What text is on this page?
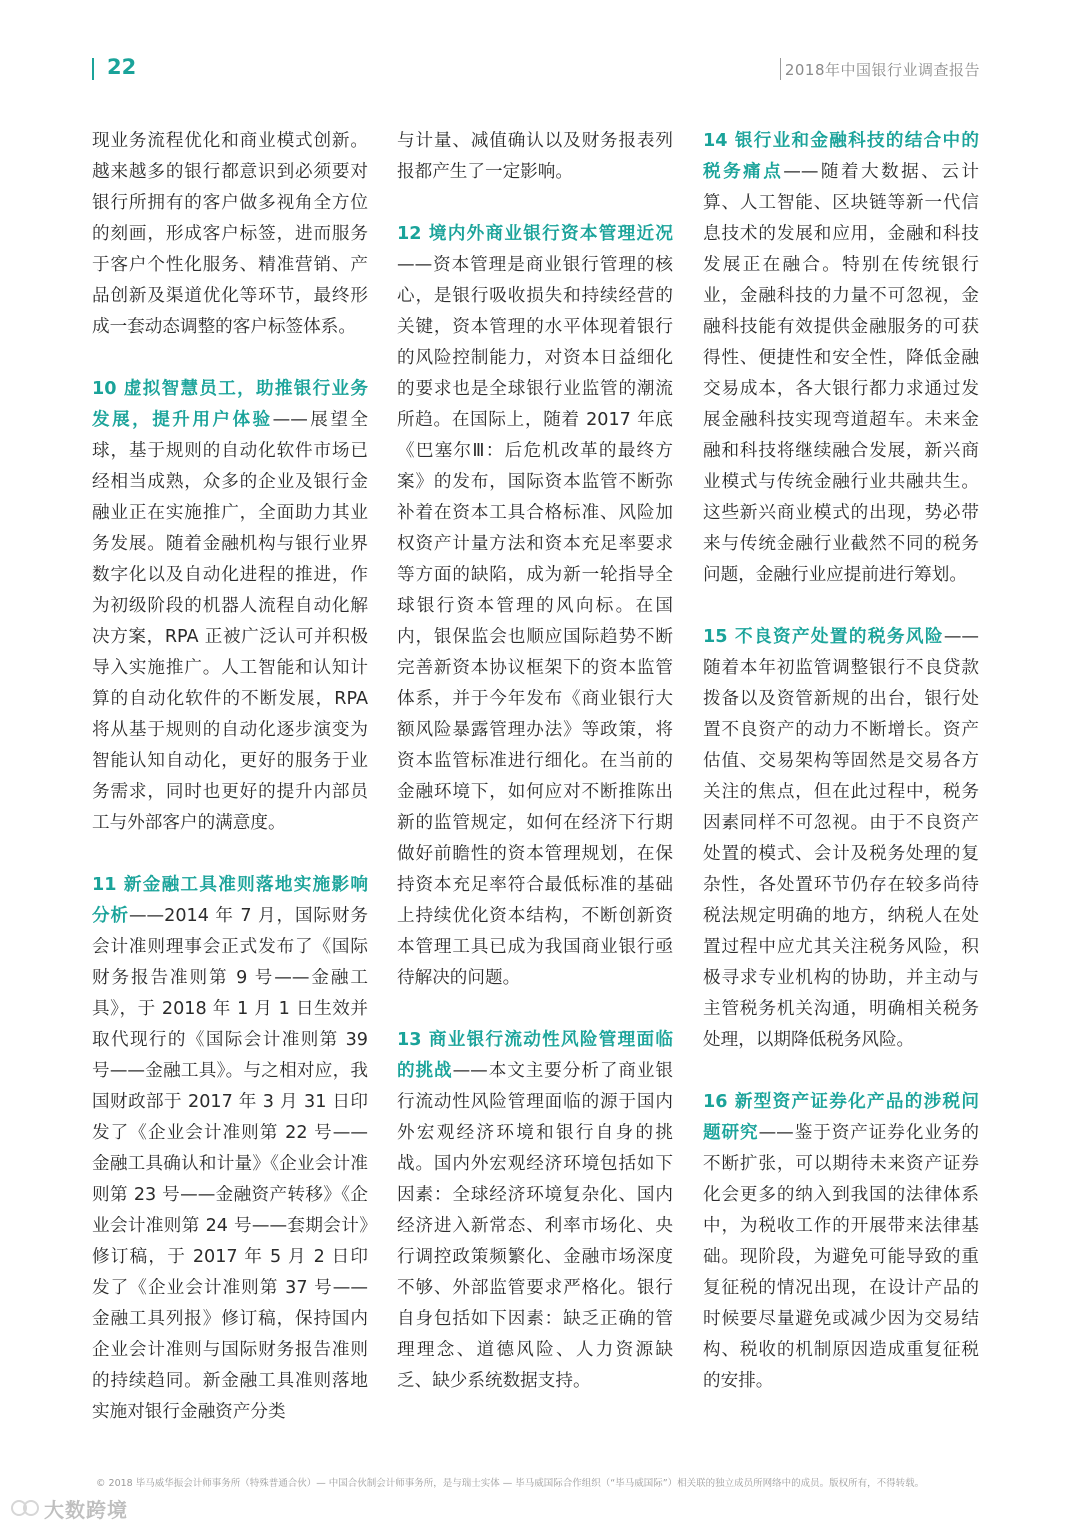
22	2018年中国银行业调查报告

现业务流程优化和商业模式创新。越来越多的银行都意识到必须要对银行所拥有的客户做多视角全方位的刻画，形成客户标签，进而服务于客户个性化服务、精准营销、产品创新及渠道优化等环节，最终形成一套动态调整的客户标签体系。

10 虚拟智慧员工，助推银行业务发展，提升用户体验——展望全球，基于规则的自动化软件市场已经相当成熟，众多的企业及银行金融业正在实施推广，全面助力其业务发展。随着金融机构与银行业界数字化以及自动化进程的推进，作为初级阶段的机器人流程自动化解决方案，RPA 正被广泛认可并积极导入实施推广。人工智能和认知计算的自动化软件的不断发展，RPA 将从基于规则的自动化逐步演变为智能认知自动化，更好的服务于业务需求，同时也更好的提升内部员工与外部客户的满意度。

11 新金融工具准则落地实施影响分析——2014 年 7 月，国际财务会计准则理事会正式发布了《国际财务报告准则第 9 号——金融工具》，于 2018 年 1 月 1 日生效并取代现行的《国际会计准则第 39 号——金融工具》。与之相对应，我国财政部于 2017 年 3 月 31 日印发了《企业会计准则第 22 号——金融工具确认和计量》《企业会计准则第 23 号——金融资产转移》《企业会计准则第 24 号——套期会计》修订稿，于 2017 年 5 月 2 日印发了《企业会计准则第 37 号——金融工具列报》修订稿，保持国内企业会计准则与国际财务报告准则的持续趋同。新金融工具准则落地实施对银行金融资产分类

与计量、减值确认以及财务报表列报都产生了一定影响。

12 境内外商业银行资本管理近况——资本管理是商业银行管理的核心，是银行吸收损失和持续经营的关键，资本管理的水平体现着银行的风险控制能力，对资本日益细化的要求也是全球银行业监管的潮流所趋。在国际上，随着 2017 年底《巴塞尔Ⅲ：后危机改革的最终方案》的发布，国际资本监管不断弥补着在资本工具合格标准、风险加权资产计量方法和资本充足率要求等方面的缺陷，成为新一轮指导全球银行资本管理的风向标。在国内，银保监会也顺应国际趋势不断完善新资本协议框架下的资本监管体系，并于今年发布《商业银行大额风险暴露管理办法》等政策，将资本监管标准进行细化。在当前的金融环境下，如何应对不断推陈出新的监管规定，如何在经济下行期做好前瞻性的资本管理规划，在保持资本充足率符合最低标准的基础上持续优化资本结构，不断创新资本管理工具已成为我国商业银行亟待解决的问题。

13 商业银行流动性风险管理面临的挑战——本文主要分析了商业银行流动性风险管理面临的源于国内外宏观经济环境和银行自身的挑战。国内外宏观经济环境包括如下因素：全球经济环境复杂化、国内经济进入新常态、利率市场化、央行调控政策频繁化、金融市场深度不够、外部监管要求严格化。银行自身包括如下因素：缺乏正确的管理理念、道德风险、人力资源缺乏、缺少系统数据支持。

14 银行业和金融科技的结合中的税务痛点——随着大数据、云计算、人工智能、区块链等新一代信息技术的发展和应用，金融和科技发展正在融合。特别在传统银行业，金融科技的力量不可忽视，金融科技能有效提供金融服务的可获得性、便捷性和安全性，降低金融交易成本，各大银行都力求通过发展金融科技实现弯道超车。未来金融和科技将继续融合发展，新兴商业模式与传统金融行业共融共生。这些新兴商业模式的出现，势必带来与传统金融行业截然不同的税务问题，金融行业应提前进行筹划。

15 不良资产处置的税务风险——随着本年初监管调整银行不良贷款拨备以及资管新规的出台，银行处置不良资产的动力不断增长。资产估值、交易架构等固然是交易各方关注的焦点，但在此过程中，税务因素同样不可忽视。由于不良资产处置的模式、会计及税务处理的复杂性，各处置环节仍存在较多尚待税法规定明确的地方，纳税人在处置过程中应尤其关注税务风险，积极寻求专业机构的协助，并主动与主管税务机关沟通，明确相关税务处理，以期降低税务风险。

16 新型资产证券化产品的涉税问题研究——鉴于资产证券化业务的不断扩张，可以期待未来资产证券化会更多的纳入到我国的法律体系中，为税收工作的开展带来法律基础。现阶段，为避免可能导致的重复征税的情况出现，在设计产品的时候要尽量避免或减少因为交易结构、税收的机制原因造成重复征税的安排。

© 2018 毕马威华振会计师事务所（特殊普通合伙）— 中国合伙制会计师事务所，是与瑞士实体 — 毕马威国际合作组织（“毕马威国际”）相关联的独立成员所网络中的成员。版权所有，不得转载。
大数跨境
